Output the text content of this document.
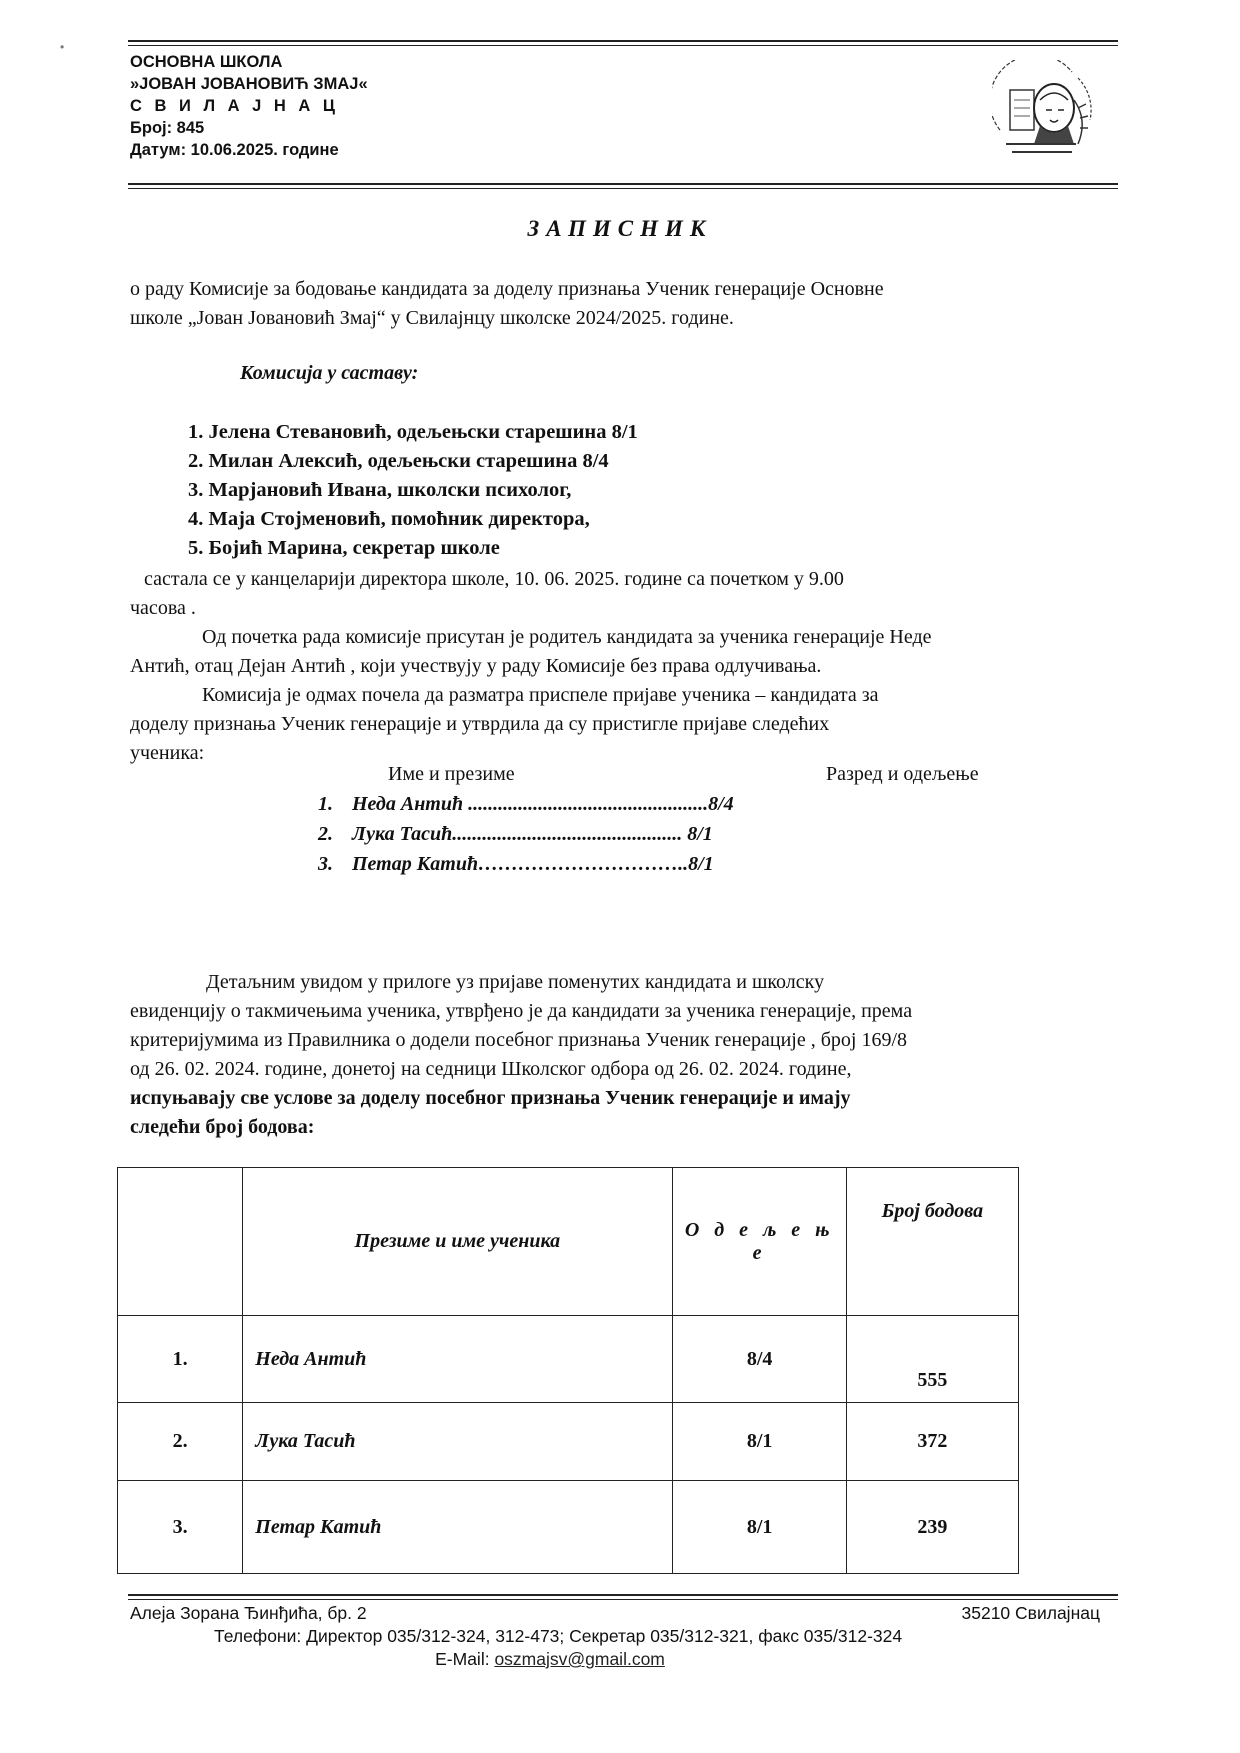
•
ОСНОВНА ШКОЛА
»ЈОВАН ЈОВАНОВИЋ ЗМАЈ«
С В И Л А Ј Н А Ц
Број: 845
Датум: 10.06.2025. године
ЗАПИСНИК
о раду Комисије за бодовање кандидата за доделу признања Ученик генерације Основне
школе „Јован Јовановић Змај“ у Свилајнцу школске 2024/2025. године.
Комисија у саставу:
1. Јелена Стевановић, одељењски старешина 8/1
2. Милан Алексић, одељењски старешина 8/4
3. Марјановић Ивана, школски психолог,
4. Маја Стојменовић, помоћник директора,
5. Бојић Марина, секретар школе
састала се у канцеларији директора школе, 10. 06. 2025. године са почетком у 9.00
часова .
Од почетка рада комисије присутан је родитељ кандидата за ученика генерације Неде
Антић, отац Дејан Антић , који учествују у раду Комисије без права одлучивања.
Комисија је одмах почела да разматра приспеле пријаве ученика – кандидата за
доделу признања Ученик генерације и утврдила да су пристигле пријаве следећих
ученика:
Име и презиме	Разред и одељење
1. Неда Антић ................................................8/4
2. Лука Тасић.............................................. 8/1
3. Петар Катић…………………………..8/1
Детаљним увидом у прилоге уз пријаве поменутих кандидата и школску
евиденцију о такмичењима ученика, утврђено је да кандидати за ученика генерације, према
критеријумима из Правилника о додели посебног признања Ученик генерације , број 169/8
од 26. 02. 2024. године, донетој на седници Школског одбора од 26. 02. 2024. године,
испуњавају све услове за доделу посебног признања Ученик генерације и имају
следећи број бодова:
	Презиме и име ученика	О д е љ е њ е	Број бодова
1.	Неда Антић	8/4	555
2.	Лука Тасић	8/1	372
3.	Петар Катић	8/1	239
Алеја Зорана Ђинђића, бр. 2	35210 Свилајнац
Телефони: Директор 035/312-324, 312-473; Секретар 035/312-321, факс 035/312-324
E-Mail: oszmajsv@gmail.com
